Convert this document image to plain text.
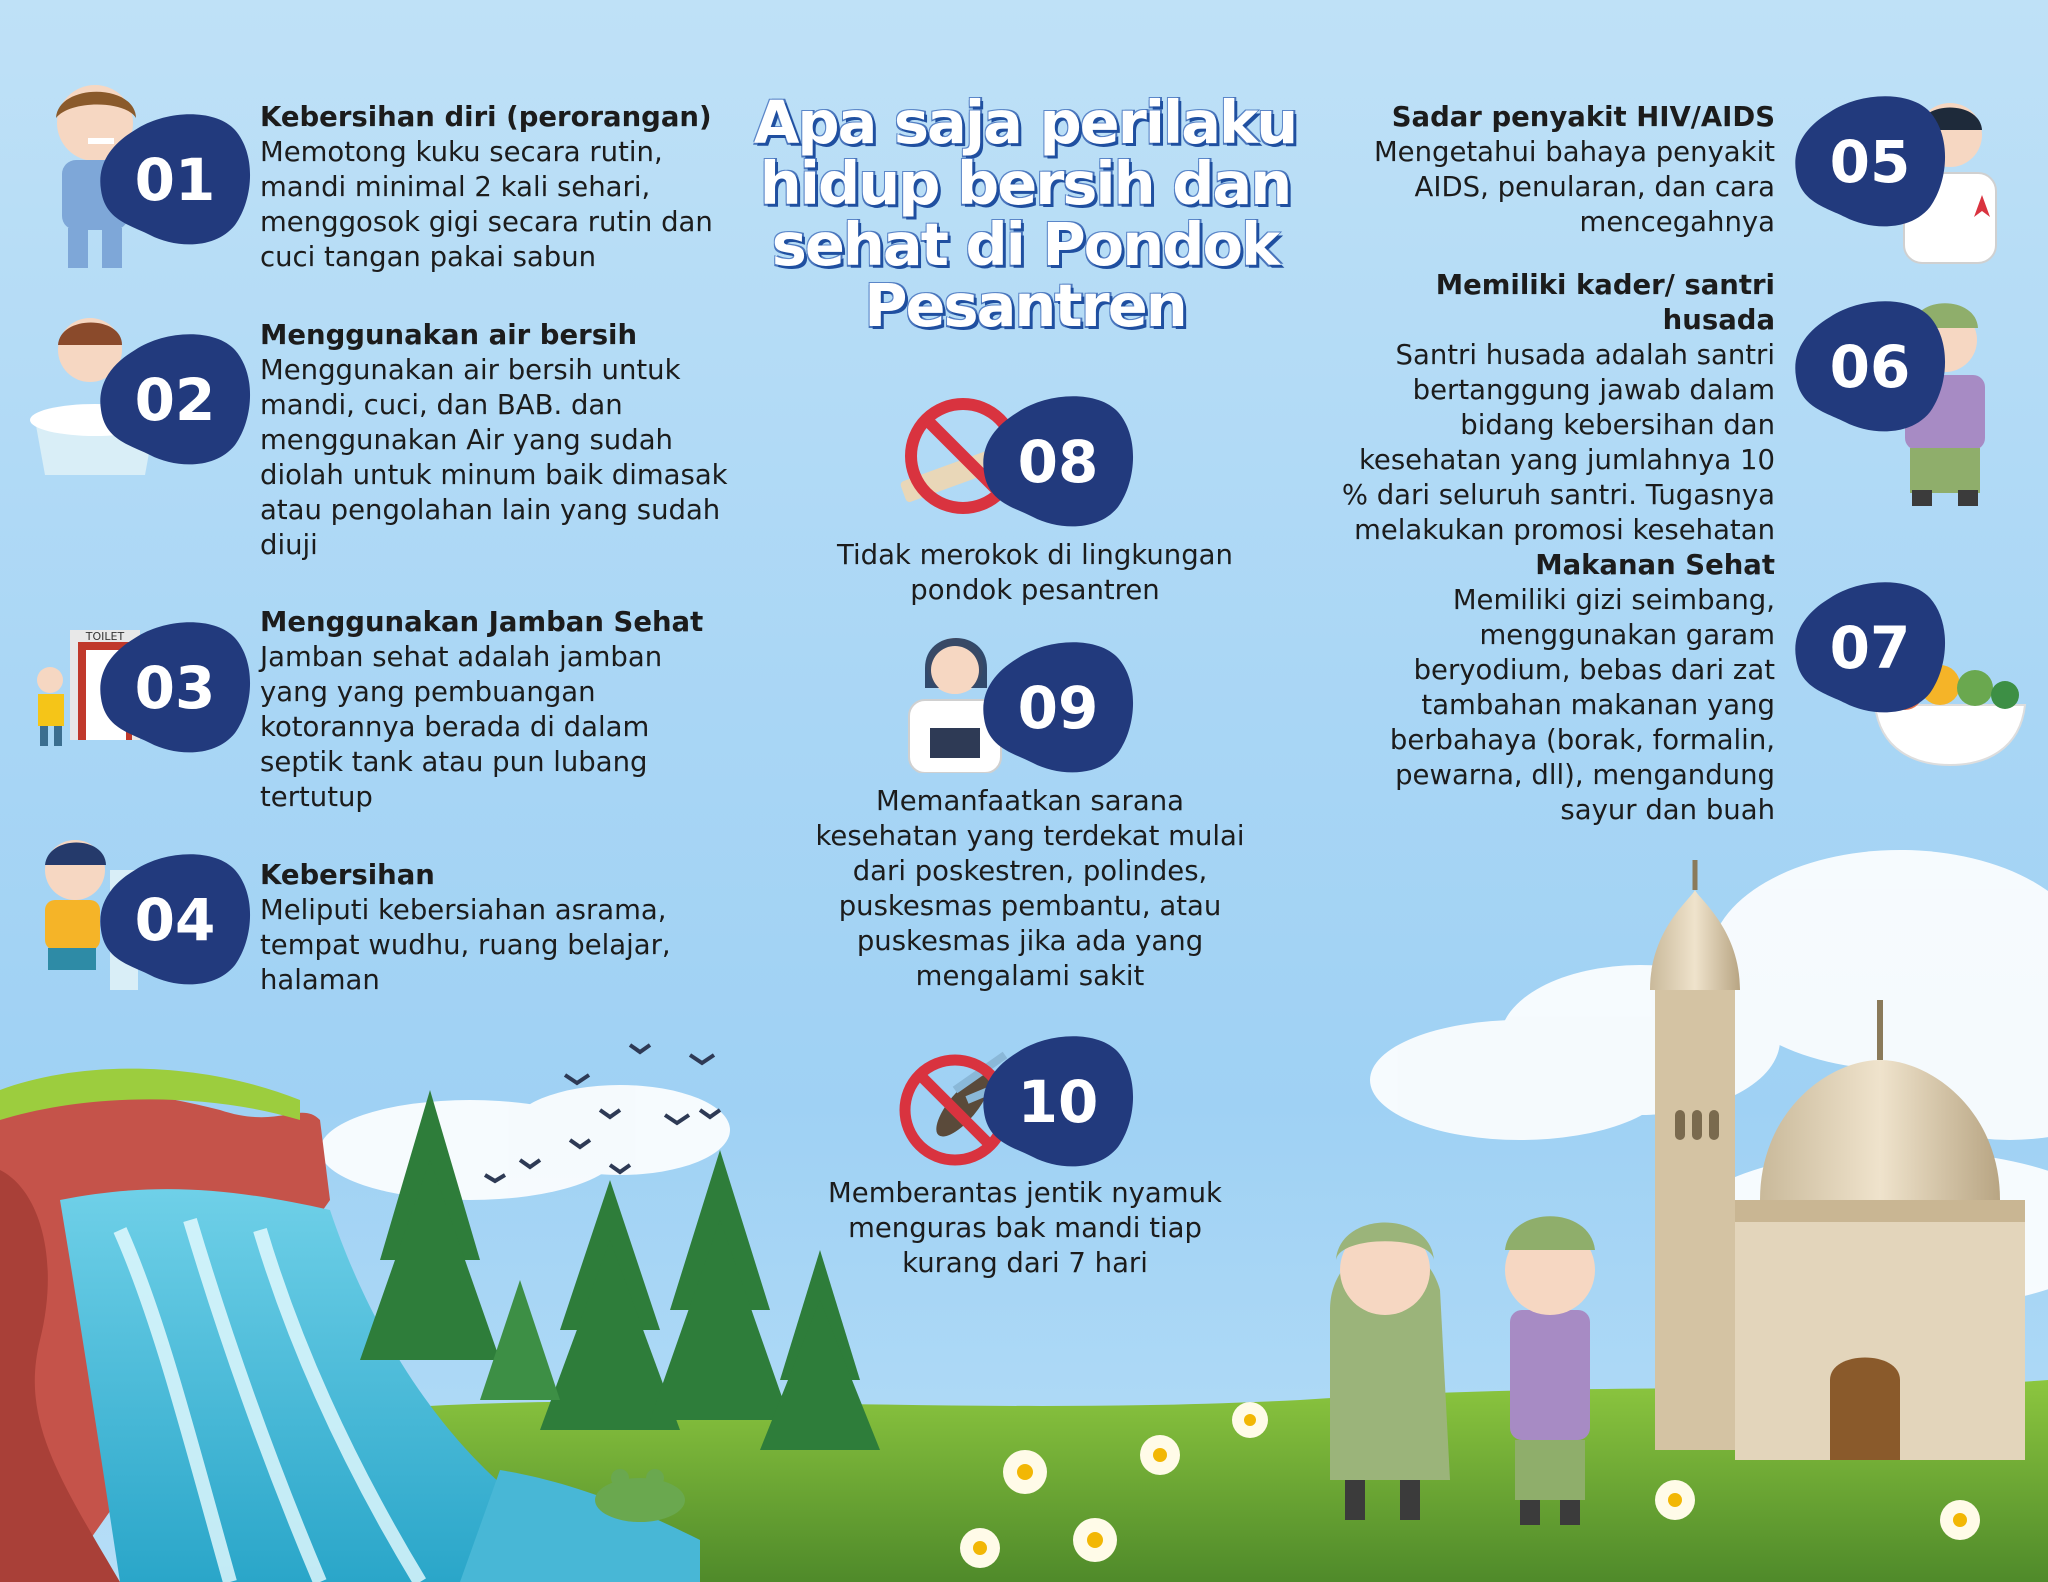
Apa saja perilaku hidup bersih dan sehat di Pondok Pesantren
01
Kebersihan diri (perorangan)
Memotong kuku secara rutin, mandi minimal 2 kali sehari, menggosok gigi secara rutin dan cuci tangan pakai sabun
02
Menggunakan air bersih
Menggunakan air bersih untuk mandi, cuci, dan BAB. dan menggunakan Air yang sudah diolah untuk minum baik dimasak atau pengolahan lain yang sudah diuji
TOILET
03
Menggunakan Jamban Sehat
Jamban sehat adalah jamban yang yang pembuangan kotorannya berada di dalam septik tank atau pun lubang tertutup
04
Kebersihan
Meliputi kebersiahan asrama, tempat wudhu, ruang belajar, halaman
05
Sadar penyakit HIV/AIDS
Mengetahui bahaya penyakit AIDS, penularan, dan cara mencegahnya
06
Memiliki kader/ santri husada
Santri husada adalah santri bertanggung jawab dalam bidang kebersihan dan kesehatan yang jumlahnya 10 % dari seluruh santri. Tugasnya melakukan promosi kesehatan
07
Makanan Sehat
Memiliki gizi seimbang, menggunakan garam beryodium, bebas dari zat tambahan makanan yang berbahaya (borak, formalin, pewarna, dll), mengandung sayur dan buah
08
Tidak merokok di lingkungan pondok pesantren
09
Memanfaatkan sarana kesehatan yang terdekat mulai dari poskestren, polindes, puskesmas pembantu, atau puskesmas jika ada yang mengalami sakit
10
Memberantas jentik nyamuk menguras bak mandi tiap kurang dari 7 hari
